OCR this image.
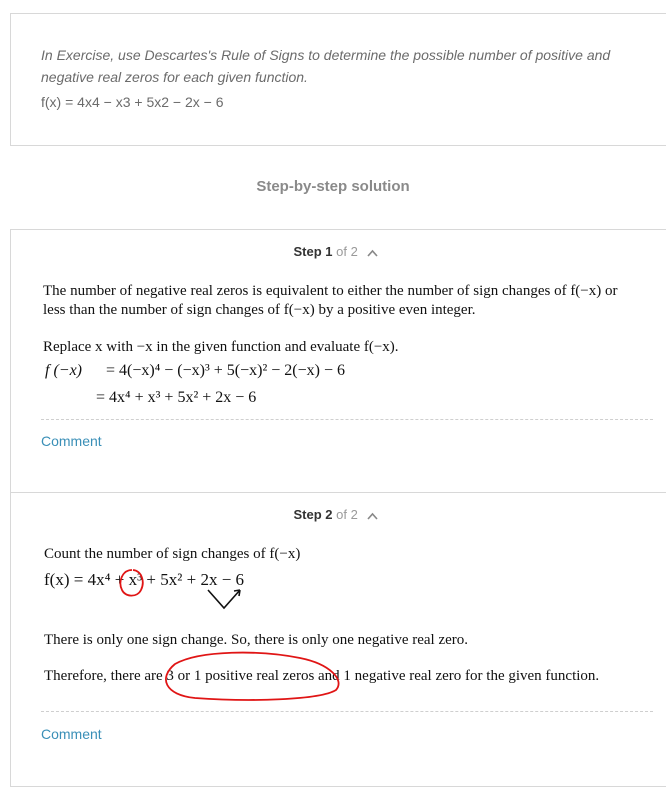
In Exercise, use Descartes's Rule of Signs to determine the possible number of positive and negative real zeros for each given function.
f(x) = 4x4 − x3 + 5x2 − 2x − 6
Step-by-step solution
Step 1 of 2
The number of negative real zeros is equivalent to either the number of sign changes of f(−x) or less than the number of sign changes of f(−x) by a positive even integer.
Replace x with −x in the given function and evaluate f(−x).
f (−x) = 4(−x)⁴ − (−x)³ + 5(−x)² − 2(−x) − 6
= 4x⁴ + x³ + 5x² + 2x − 6
Comment
Step 2 of 2
Count the number of sign changes of f(−x)
f(x) = 4x⁴ + x³ + 5x² + 2x − 6
There is only one sign change. So, there is only one negative real zero.
Therefore, there are 3 or 1 positive real zeros and 1 negative real zero for the given function.
Comment
